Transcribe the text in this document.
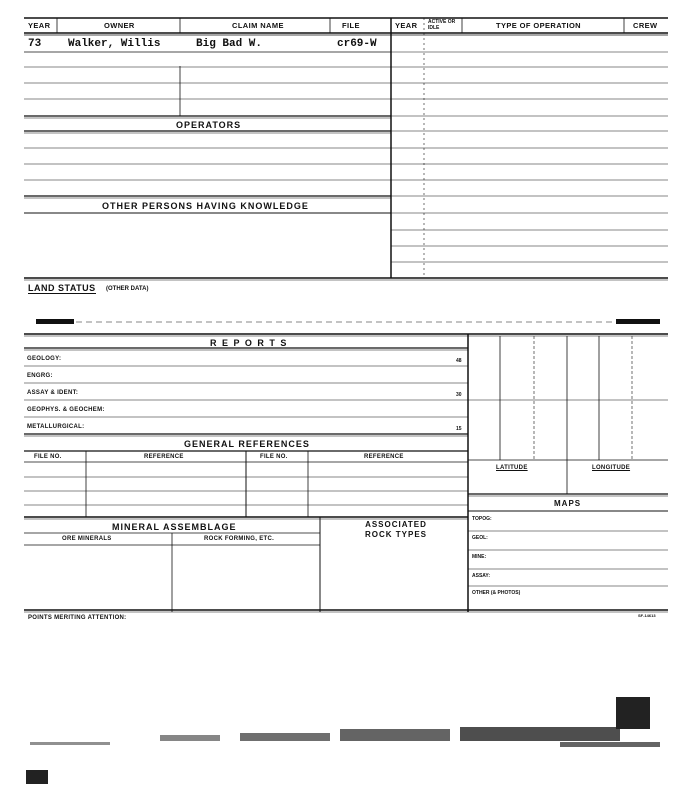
YEAR	OWNER	CLAIM NAME	FILE	YEAR ACTIVE OR IDLE	TYPE OF OPERATION	CREW
73 Walker, Willis	Big Bad W.	cr69-W
OPERATORS
OTHER PERSONS HAVING KNOWLEDGE
LAND STATUS (OTHER DATA)
R E P O R T S
GEOLOGY:	48
ENGRG:
ASSAY & IDENT:	30
GEOPHYS. & GEOCHEM:
METALLURGICAL:	15
GENERAL REFERENCES
FILE NO.	REFERENCE	FILE NO.	REFERENCE
LATITUDE	LONGITUDE
MAPS
TOPOG:
GEOL:
MINE:
ASSAY:
OTHER (& PHOTOS)
MINERAL ASSEMBLAGE
ORE MINERALS	ROCK FORMING, ETC.
ASSOCIATED ROCK TYPES
POINTS MERITING ATTENTION:	SF-14613
